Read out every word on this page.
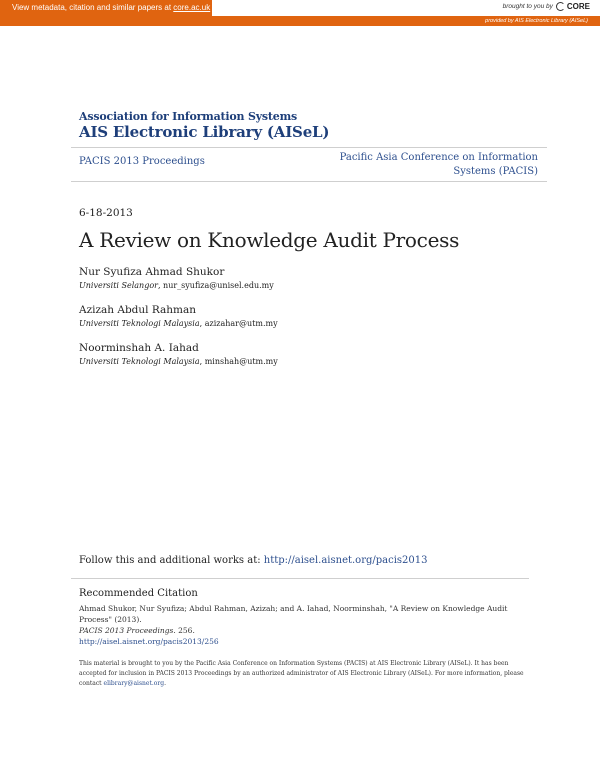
View metadata, citation and similar papers at core.ac.uk	brought to you by CORE
provided by AIS Electronic Library (AISeL)
Association for Information Systems
AIS Electronic Library (AISeL)
PACIS 2013 Proceedings	Pacific Asia Conference on Information Systems (PACIS)
6-18-2013
A Review on Knowledge Audit Process
Nur Syufiza Ahmad Shukor
Universiti Selangor, nur_syufiza@unisel.edu.my
Azizah Abdul Rahman
Universiti Teknologi Malaysia, azizahar@utm.my
Noorminshah A. Iahad
Universiti Teknologi Malaysia, minshah@utm.my
Follow this and additional works at: http://aisel.aisnet.org/pacis2013
Recommended Citation
Ahmad Shukor, Nur Syufiza; Abdul Rahman, Azizah; and A. Iahad, Noorminshah, "A Review on Knowledge Audit Process" (2013).
PACIS 2013 Proceedings. 256.
http://aisel.aisnet.org/pacis2013/256
This material is brought to you by the Pacific Asia Conference on Information Systems (PACIS) at AIS Electronic Library (AISeL). It has been accepted for inclusion in PACIS 2013 Proceedings by an authorized administrator of AIS Electronic Library (AISeL). For more information, please contact elibrary@aisnet.org.
